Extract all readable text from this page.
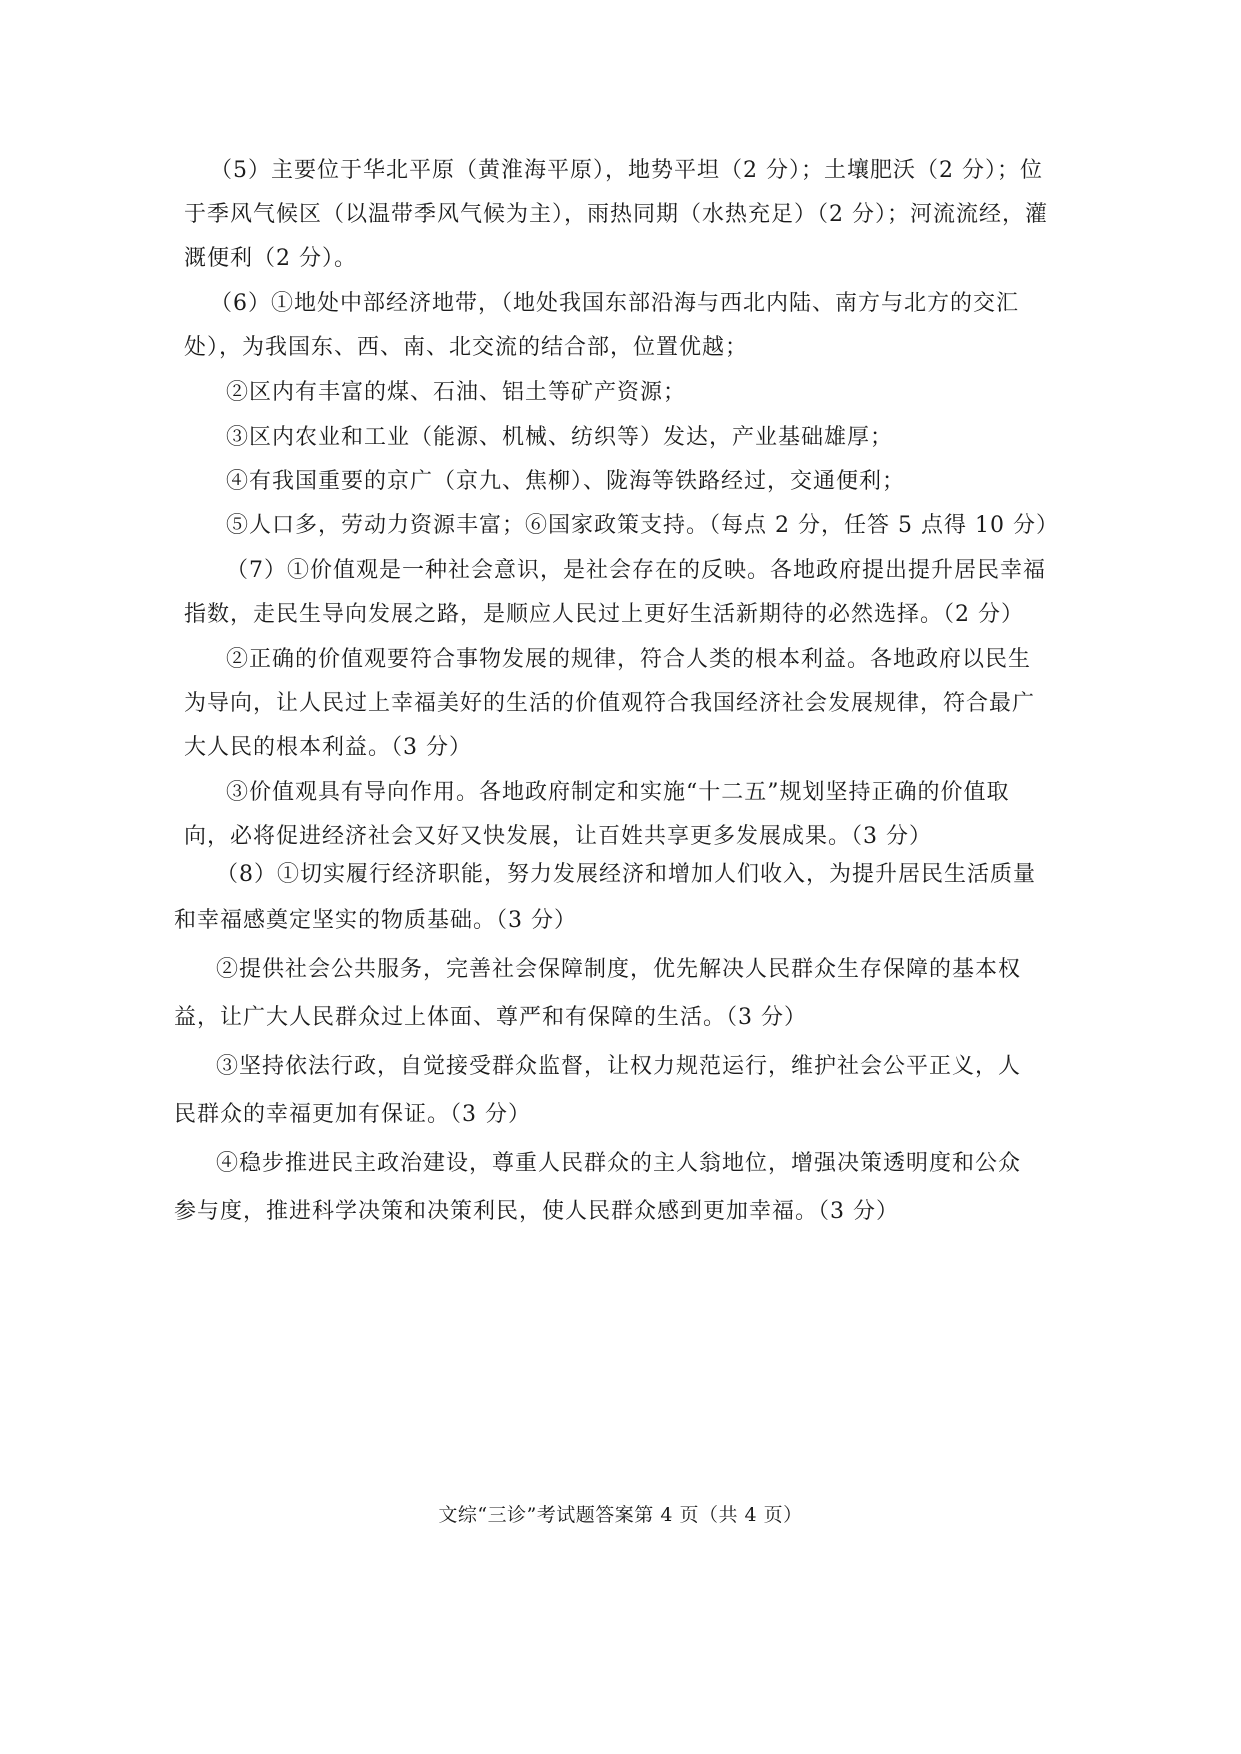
（5）主要位于华北平原（黄淮海平原），地势平坦（2 分）；土壤肥沃（2 分）；位
于季风气候区（以温带季风气候为主），雨热同期（水热充足）（2 分）；河流流经，灌
溉便利（2 分）。
（6）①地处中部经济地带，（地处我国东部沿海与西北内陆、南方与北方的交汇
处），为我国东、西、南、北交流的结合部，位置优越；
②区内有丰富的煤、石油、铝土等矿产资源；
③区内农业和工业（能源、机械、纺织等）发达，产业基础雄厚；
④有我国重要的京广（京九、焦柳）、陇海等铁路经过，交通便利；
⑤人口多，劳动力资源丰富；⑥国家政策支持。（每点 2 分，任答 5 点得 10 分）
（7）①价值观是一种社会意识，是社会存在的反映。各地政府提出提升居民幸福
指数，走民生导向发展之路，是顺应人民过上更好生活新期待的必然选择。（2 分）
②正确的价值观要符合事物发展的规律，符合人类的根本利益。各地政府以民生
为导向，让人民过上幸福美好的生活的价值观符合我国经济社会发展规律，符合最广
大人民的根本利益。（3 分）
③价值观具有导向作用。各地政府制定和实施“十二五”规划坚持正确的价值取
向，必将促进经济社会又好又快发展，让百姓共享更多发展成果。（3 分）
（8）①切实履行经济职能，努力发展经济和增加人们收入，为提升居民生活质量
和幸福感奠定坚实的物质基础。（3 分）
②提供社会公共服务，完善社会保障制度，优先解决人民群众生存保障的基本权
益，让广大人民群众过上体面、尊严和有保障的生活。（3 分）
③坚持依法行政，自觉接受群众监督，让权力规范运行，维护社会公平正义，人
民群众的幸福更加有保证。（3 分）
④稳步推进民主政治建设，尊重人民群众的主人翁地位，增强决策透明度和公众
参与度，推进科学决策和决策利民，使人民群众感到更加幸福。（3 分）
文综“三诊”考试题答案第 4 页（共 4 页）
